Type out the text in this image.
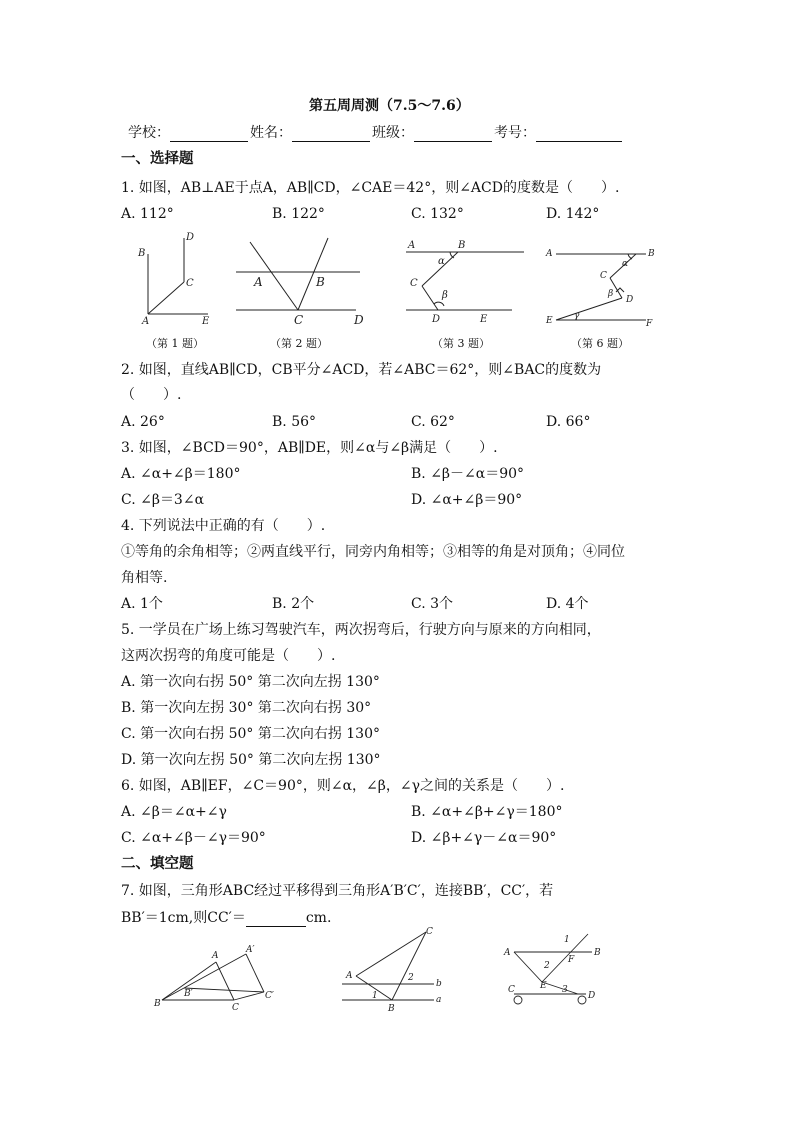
第五周周测（7.5～7.6）
学校：	姓名：	班级：	考号：
一、选择题
1. 如图，AB⊥AE于点A，AB∥CD，∠CAE＝42°，则∠ACD的度数是（　　）.
A. 112°	B. 122°	C. 132°	D. 142°
B
D
C
A	E
A	B
C	D
A	B
α
C
β
D	E
A	B
α
C
β
D
E γ
F
（第 1 题）	（第 2 题）	（第 3 题）	（第 6 题）
2. 如图，直线AB∥CD，CB平分∠ACD，若∠ABC＝62°，则∠BAC的度数为
（　　）.
A. 26°	B. 56°	C. 62°	D. 66°
3. 如图，∠BCD＝90°，AB∥DE，则∠α与∠β满足（　　）.
A. ∠α+∠β＝180°	B. ∠β－∠α＝90°
C. ∠β＝3∠α	D. ∠α+∠β＝90°
4. 下列说法中正确的有（　　）.
①等角的余角相等；②两直线平行，同旁内角相等；③相等的角是对顶角；④同位
角相等.
A. 1个	B. 2个	C. 3个	D. 4个
5. 一学员在广场上练习驾驶汽车，两次拐弯后，行驶方向与原来的方向相同，
这两次拐弯的角度可能是（　　）.
A. 第一次向右拐 50° 第二次向左拐 130°
B. 第一次向左拐 30° 第二次向右拐 30°
C. 第一次向右拐 50° 第二次向右拐 130°
D. 第一次向左拐 50° 第二次向左拐 130°
6. 如图，AB∥EF，∠C＝90°，则∠α，∠β，∠γ之间的关系是（　　）.
A. ∠β＝∠α+∠γ	B. ∠α+∠β+∠γ＝180°
C. ∠α+∠β－∠γ＝90°	D. ∠β+∠γ－∠α＝90°
二、填空题
7. 如图，三角形ABC经过平移得到三角形A′B′C′，连接BB′，CC′，若
BB′＝1cm,则CC′＝	cm.
A
A′
B′
B	C
C′
C
A	2
1
b
B
a
1
A
F
B
2
E
C	3
D
